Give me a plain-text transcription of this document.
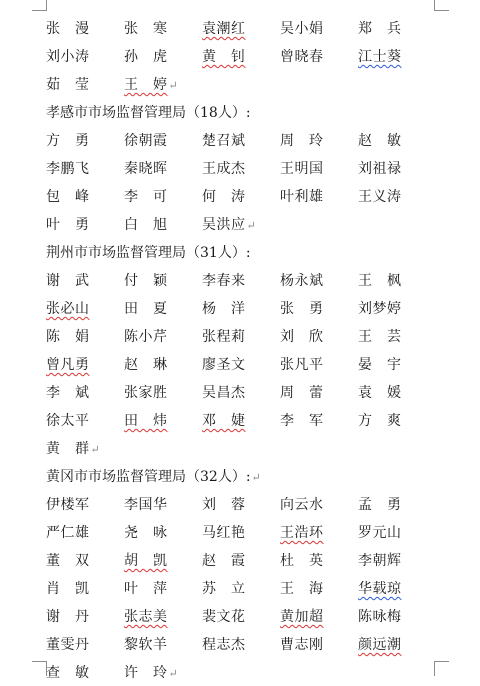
张　漫 张　寒 袁潮红 吴小娟 郑　兵
刘小涛 孙　虎 黄　钊 曾晓春 江士葵
茹　莹 王　婷↵
孝感市市场监督管理局（18人）:
方　勇 徐朝霞 楚召斌 周　玲 赵　敏
李鹏飞 秦晓晖 王成杰 王明国 刘祖禄
包　峰 李　可 何　涛 叶利雄 王义涛
叶　勇 白　旭 吴洪应↵
荆州市市场监督管理局（31人）:
谢　武 付　颖 李春来 杨永斌 王　枫
张必山 田　夏 杨　洋 张　勇 刘梦婷
陈　娟 陈小芹 张程莉 刘　欣 王　芸
曾凡勇 赵　琳 廖圣文 张凡平 晏　宇
李　斌 张家胜 吴昌杰 周　蕾 袁　媛
徐太平 田　炜 邓　婕 李　军 方　爽
黄　群↵
黄冈市市场监督管理局（32人）:↵
伊楼军 李国华 刘　蓉 向云水 孟　勇
严仁雄 尧　咏 马红艳 王浩环 罗元山
董　双 胡　凯 赵　霞 杜　英 李朝辉
肖　凯 叶　萍 苏　立 王　海 华载琼
谢　丹 张志美 裴文花 黄加超 陈咏梅
董雯丹 黎软羊 程志杰 曹志刚 颜远潮
查　敏 许　玲↵
